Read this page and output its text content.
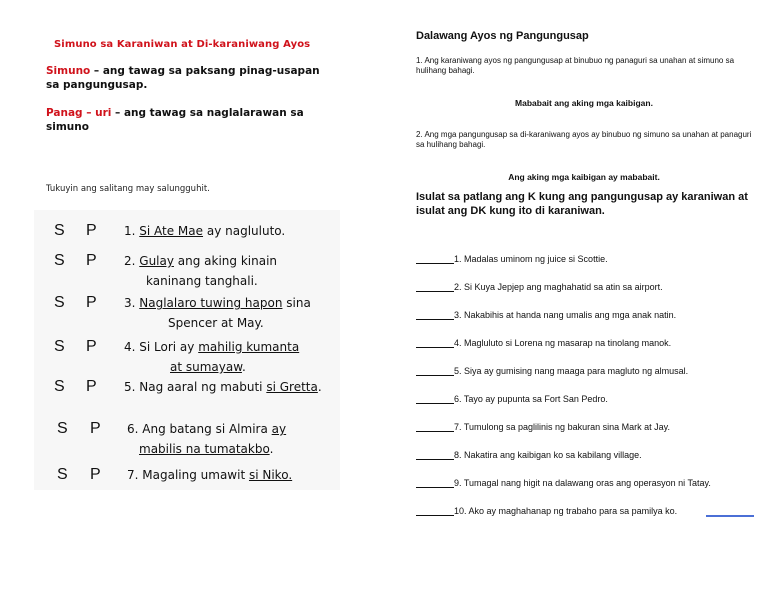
Simuno sa Karaniwan at Di-karaniwang Ayos
Simuno – ang tawag sa paksang pinag-usapan sa pangungusap.
Panag – uri – ang tawag sa naglalarawan sa simuno
Tukuyin ang salitang may salungguhit.
S P 1. Si Ate Mae ay nagluluto.
S P 2. Gulay ang aking kinain
kaninang tanghali.
S P 3. Naglalaro tuwing hapon sina
Spencer at May.
S P 4. Si Lori ay mahilig kumanta
at sumayaw.
S P 5. Nag aaral ng mabuti si Gretta.
S P 6. Ang batang si Almira ay
mabilis na tumatakbo.
S P 7. Magaling umawit si Niko.
Dalawang Ayos ng Pangungusap
1. Ang karaniwang ayos ng pangungusap at binubuo ng panaguri sa unahan at simuno sa hulihang bahagi.
Mababait ang aking mga kaibigan.
2. Ang mga pangungusap sa di-karaniwang ayos ay binubuo ng simuno sa unahan at panaguri sa hulihang bahagi.
Ang aking mga kaibigan ay mababait.
Isulat sa patlang ang K kung ang pangungusap ay karaniwan at isulat ang DK kung ito di karaniwan.
1. Madalas uminom ng juice si Scottie.
2. Si Kuya Jepjep ang maghahatid sa atin sa airport.
3. Nakabihis at handa nang umalis ang mga anak natin.
4. Magluluto si Lorena ng masarap na tinolang manok.
5. Siya ay gumising nang maaga para magluto ng almusal.
6. Tayo ay pupunta sa Fort San Pedro.
7. Tumulong sa paglilinis ng bakuran sina Mark at Jay.
8. Nakatira ang kaibigan ko sa kabilang village.
9. Tumagal nang higit na dalawang oras ang operasyon ni Tatay.
10. Ako ay maghahanap ng trabaho para sa pamilya ko.
